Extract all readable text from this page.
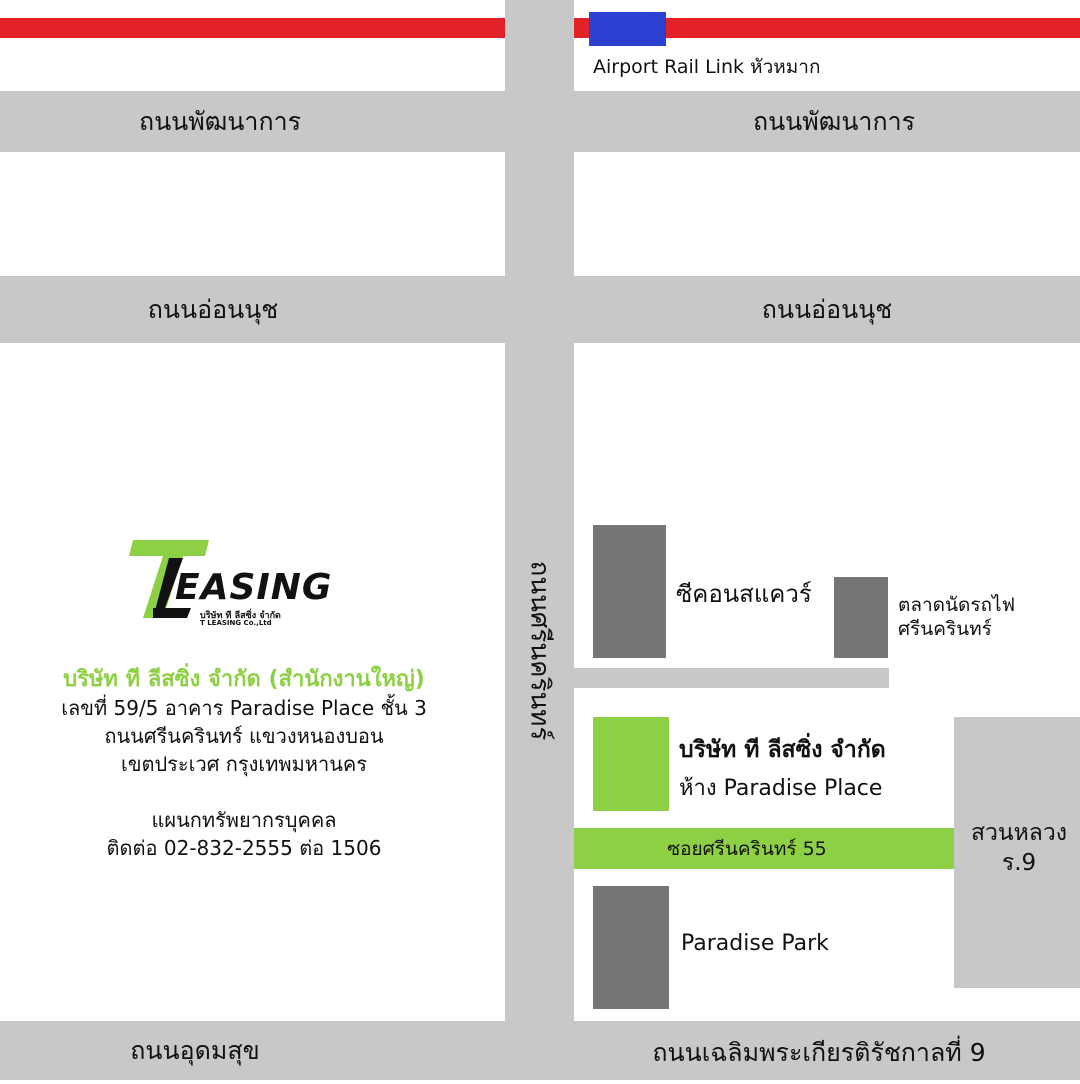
Airport Rail Link หัวหมาก
ถนนศรีนครินทร์
ถนนพัฒนาการ	ถนนพัฒนาการ
ถนนอ่อนนุช	ถนนอ่อนนุช
ถนนอุดมสุข	ถนนเฉลิมพระเกียรติรัชกาลที่ 9
ซีคอนสแควร์	ตลาดนัดรถไฟ
ศรีนครินทร์
บริษัท ที ลีสซิ่ง จำกัด
ห้าง Paradise Place
ซอยศรีนครินทร์ 55
สวนหลวง
ร.9
Paradise Park
EASING
บริษัท ที ลีสซิ่ง จำกัด
T LEASING Co.,Ltd
บริษัท ที ลีสซิ่ง จำกัด (สำนักงานใหญ่)
เลขที่ 59/5 อาคาร Paradise Place ชั้น 3
ถนนศรีนครินทร์ แขวงหนองบอน
เขตประเวศ กรุงเทพมหานคร
แผนกทรัพยากรบุคคล
ติดต่อ 02-832-2555 ต่อ 1506
